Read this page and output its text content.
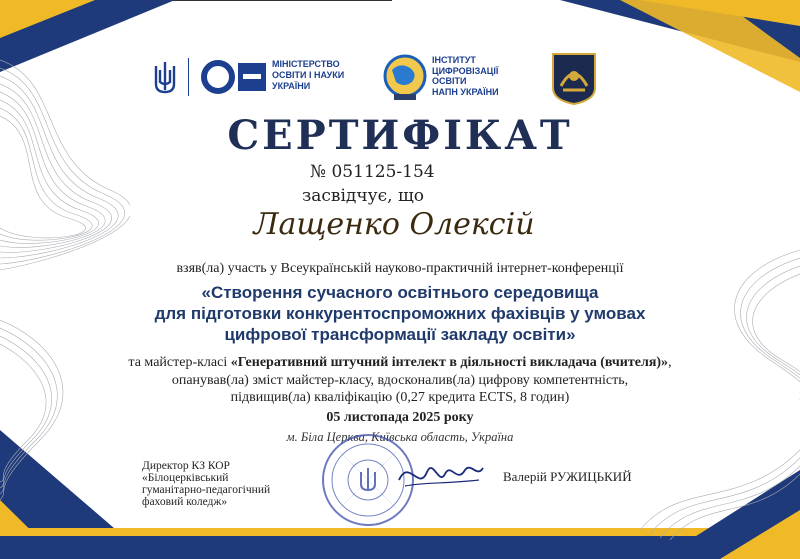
МІНІСТЕРСТВО
ОСВІТИ І НАУКИ
УКРАЇНИ
ІНСТИТУТ
ЦИФРОВІЗАЦІЇ
ОСВІТИ
НАПН УКРАЇНИ
СЕРТИФІКАТ
№ 051125-154
засвідчує, що
Лащенко Олексій
взяв(ла) участь у Всеукраїнській науково-практичній інтернет-конференції
«Створення сучасного освітнього середовища
для підготовки конкурентоспроможних фахівців у умовах
цифрової трансформації закладу освіти»
та майстер-класі «Генеративний штучний інтелект в діяльності викладача (вчителя)»,
опанував(ла) зміст майстер-класу, вдосконалив(ла) цифрову компетентність,
підвищив(ла) кваліфікацію (0,27 кредита ECTS, 8 годин)
05 листопада 2025 року
м. Біла Церква, Київська область, Україна
Директор КЗ КОР «Білоцерківський
гуманітарно-педагогічний
фаховий коледж»
Валерій РУЖИЦЬКИЙ
